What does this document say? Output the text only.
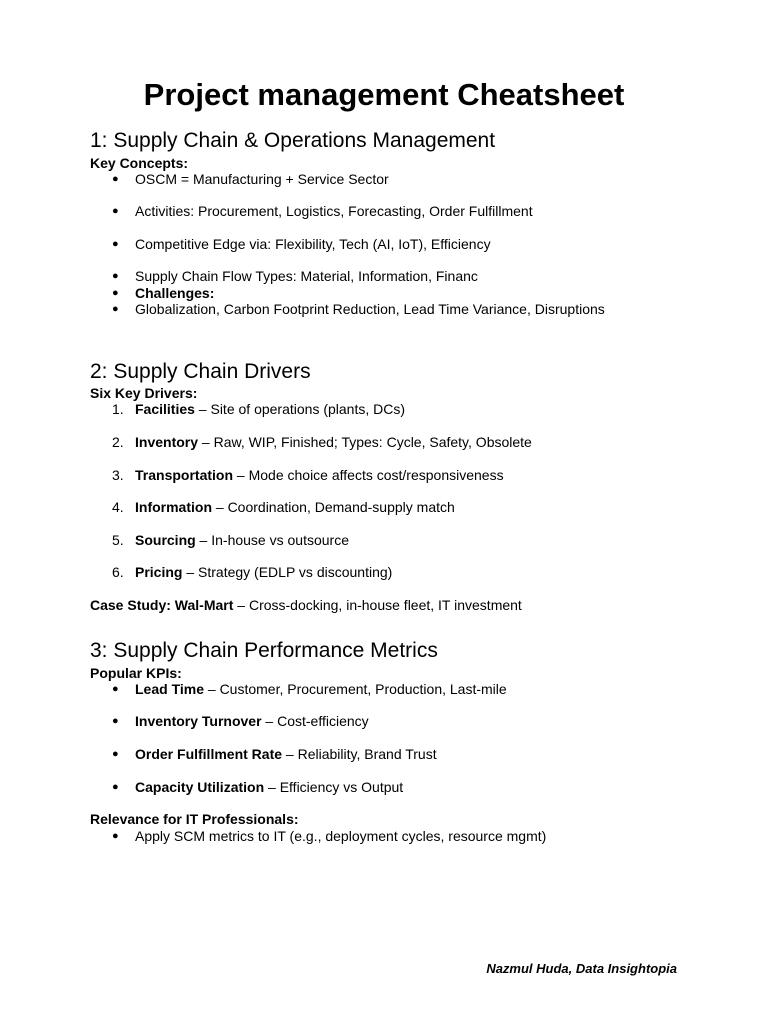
Project management Cheatsheet
1: Supply Chain & Operations Management
Key Concepts:
● OSCM = Manufacturing + Service Sector
● Activities: Procurement, Logistics, Forecasting, Order Fulfillment
● Competitive Edge via: Flexibility, Tech (AI, IoT), Efficiency
● Supply Chain Flow Types: Material, Information, Financ
● Challenges:
● Globalization, Carbon Footprint Reduction, Lead Time Variance, Disruptions
2: Supply Chain Drivers
Six Key Drivers:
1. Facilities – Site of operations (plants, DCs)
2. Inventory – Raw, WIP, Finished; Types: Cycle, Safety, Obsolete
3. Transportation – Mode choice affects cost/responsiveness
4. Information – Coordination, Demand-supply match
5. Sourcing – In-house vs outsource
6. Pricing – Strategy (EDLP vs discounting)
Case Study: Wal-Mart – Cross-docking, in-house fleet, IT investment
3: Supply Chain Performance Metrics
Popular KPIs:
● Lead Time – Customer, Procurement, Production, Last-mile
● Inventory Turnover – Cost-efficiency
● Order Fulfillment Rate – Reliability, Brand Trust
● Capacity Utilization – Efficiency vs Output
Relevance for IT Professionals:
● Apply SCM metrics to IT (e.g., deployment cycles, resource mgmt)
Nazmul Huda, Data Insightopia
